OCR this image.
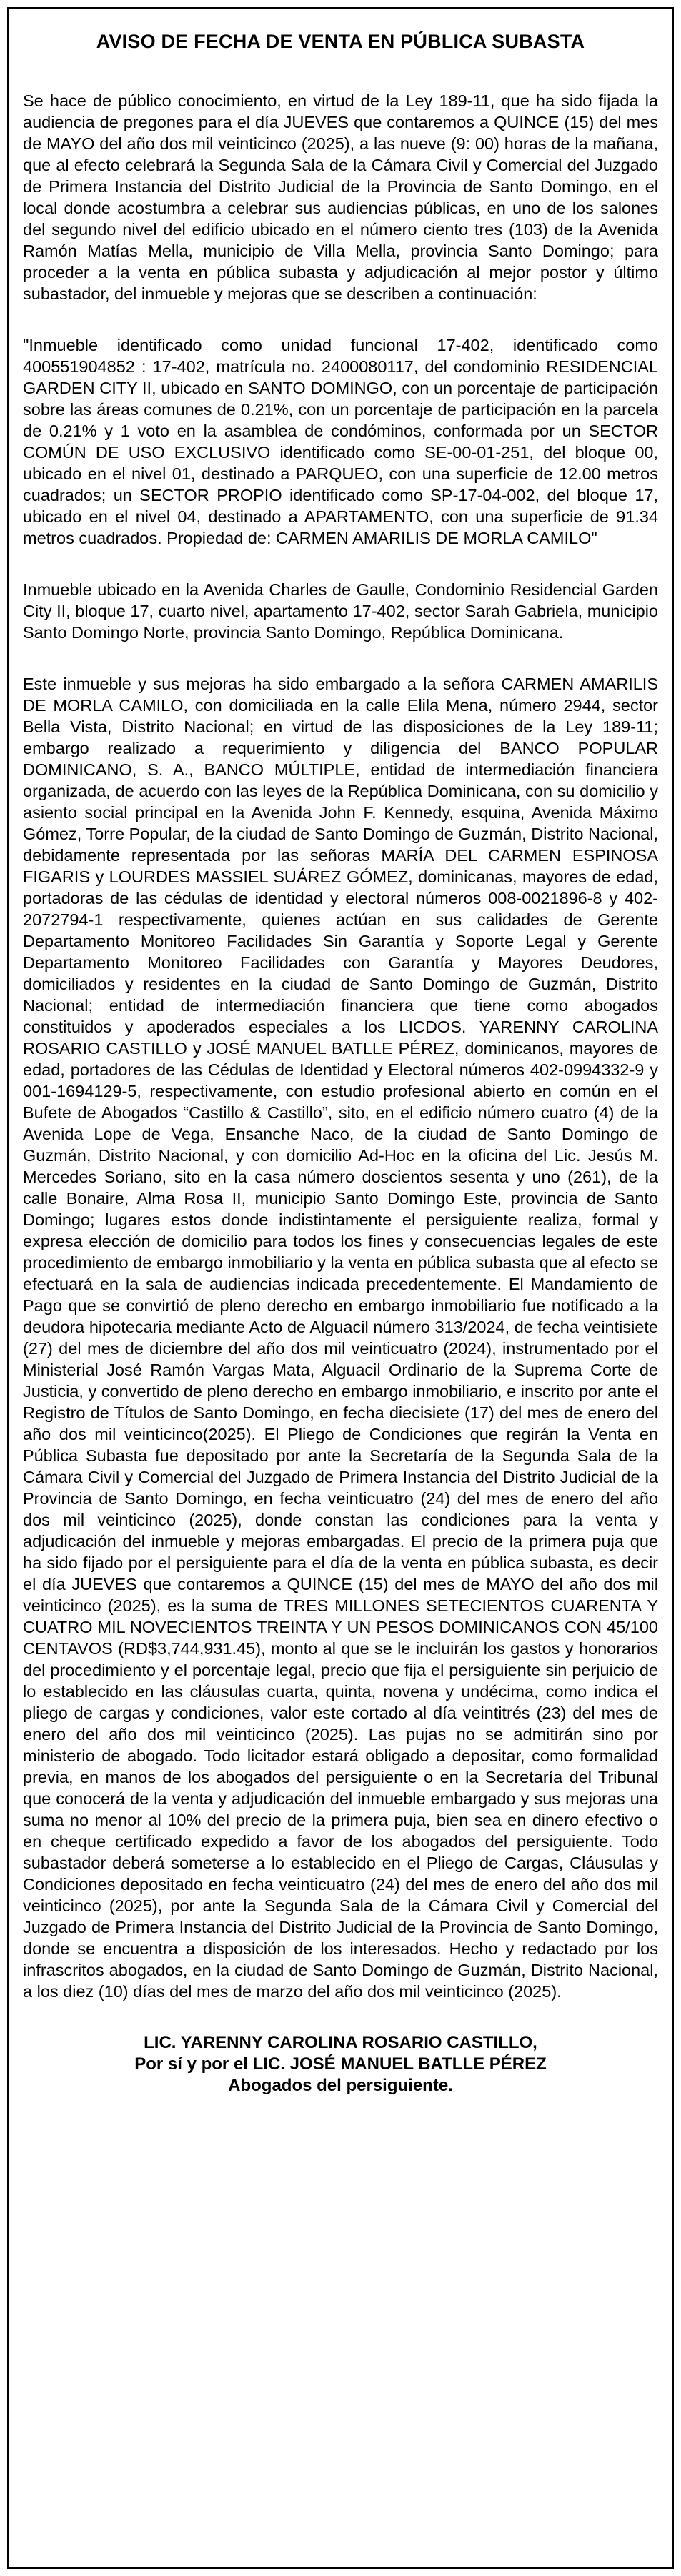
AVISO DE FECHA DE VENTA EN PÚBLICA SUBASTA

Se hace de público conocimiento, en virtud de la Ley 189-11, que ha sido fijada la audiencia de pregones para el día JUEVES que contaremos a QUINCE (15) del mes de MAYO del año dos mil veinticinco (2025), a las nueve (9: 00) horas de la mañana, que al efecto celebrará la Segunda Sala de la Cámara Civil y Comercial del Juzgado de Primera Instancia del Distrito Judicial de la Provincia de Santo Domingo, en el local donde acostumbra a celebrar sus audiencias públicas, en uno de los salones del segundo nivel del edificio ubicado en el número ciento tres (103) de la Avenida Ramón Matías Mella, municipio de Villa Mella, provincia Santo Domingo; para proceder a la venta en pública subasta y adjudicación al mejor postor y último subastador, del inmueble y mejoras que se describen a continuación:

"Inmueble identificado como unidad funcional 17-402, identificado como 400551904852 : 17-402, matrícula no. 2400080117, del condominio RESIDENCIAL GARDEN CITY II, ubicado en SANTO DOMINGO, con un porcentaje de participación sobre las áreas comunes de 0.21%, con un porcentaje de participación en la parcela de 0.21% y 1 voto en la asamblea de condóminos, conformada por un SECTOR COMÚN DE USO EXCLUSIVO identificado como SE-00-01-251, del bloque 00, ubicado en el nivel 01, destinado a PARQUEO, con una superficie de 12.00 metros cuadrados; un SECTOR PROPIO identificado como SP-17-04-002, del bloque 17, ubicado en el nivel 04, destinado a APARTAMENTO, con una superficie de 91.34 metros cuadrados. Propiedad de: CARMEN AMARILIS DE MORLA CAMILO"

Inmueble ubicado en la Avenida Charles de Gaulle, Condominio Residencial Garden City II, bloque 17, cuarto nivel, apartamento 17-402, sector Sarah Gabriela, municipio Santo Domingo Norte, provincia Santo Domingo, República Dominicana.

Este inmueble y sus mejoras ha sido embargado a la señora CARMEN AMARILIS DE MORLA CAMILO, con domiciliada en la calle Elila Mena, número 2944, sector Bella Vista, Distrito Nacional; en virtud de las disposiciones de la Ley 189-11; embargo realizado a requerimiento y diligencia del BANCO POPULAR DOMINICANO, S. A., BANCO MÚLTIPLE, entidad de intermediación financiera organizada, de acuerdo con las leyes de la República Dominicana, con su domicilio y asiento social principal en la Avenida John F. Kennedy, esquina, Avenida Máximo Gómez, Torre Popular, de la ciudad de Santo Domingo de Guzmán, Distrito Nacional, debidamente representada por las señoras MARÍA DEL CARMEN ESPINOSA FIGARIS y LOURDES MASSIEL SUÁREZ GÓMEZ, dominicanas, mayores de edad, portadoras de las cédulas de identidad y electoral números 008-0021896-8 y 402-2072794-1 respectivamente, quienes actúan en sus calidades de Gerente Departamento Monitoreo Facilidades Sin Garantía y Soporte Legal y Gerente Departamento Monitoreo Facilidades con Garantía y Mayores Deudores, domiciliados y residentes en la ciudad de Santo Domingo de Guzmán, Distrito Nacional; entidad de intermediación financiera que tiene como abogados constituidos y apoderados especiales a los LICDOS. YARENNY CAROLINA ROSARIO CASTILLO y JOSÉ MANUEL BATLLE PÉREZ, dominicanos, mayores de edad, portadores de las Cédulas de Identidad y Electoral números 402-0994332-9 y 001-1694129-5, respectivamente, con estudio profesional abierto en común en el Bufete de Abogados “Castillo & Castillo”, sito, en el edificio número cuatro (4) de la Avenida Lope de Vega, Ensanche Naco, de la ciudad de Santo Domingo de Guzmán, Distrito Nacional, y con domicilio Ad-Hoc en la oficina del Lic. Jesús M. Mercedes Soriano, sito en la casa número doscientos sesenta y uno (261), de la calle Bonaire, Alma Rosa II, municipio Santo Domingo Este, provincia de Santo Domingo; lugares estos donde indistintamente el persiguiente realiza, formal y expresa elección de domicilio para todos los fines y consecuencias legales de este procedimiento de embargo inmobiliario y la venta en pública subasta que al efecto se efectuará en la sala de audiencias indicada precedentemente. El Mandamiento de Pago que se convirtió de pleno derecho en embargo inmobiliario fue notificado a la deudora hipotecaria mediante Acto de Alguacil número 313/2024, de fecha veintisiete (27) del mes de diciembre del año dos mil veinticuatro (2024), instrumentado por el Ministerial José Ramón Vargas Mata, Alguacil Ordinario de la Suprema Corte de Justicia, y convertido de pleno derecho en embargo inmobiliario, e inscrito por ante el Registro de Títulos de Santo Domingo, en fecha diecisiete (17) del mes de enero del año dos mil veinticinco(2025). El Pliego de Condiciones que regirán la Venta en Pública Subasta fue depositado por ante la Secretaría de la Segunda Sala de la Cámara Civil y Comercial del Juzgado de Primera Instancia del Distrito Judicial de la Provincia de Santo Domingo, en fecha veinticuatro (24) del mes de enero del año dos mil veinticinco (2025), donde constan las condiciones para la venta y adjudicación del inmueble y mejoras embargadas. El precio de la primera puja que ha sido fijado por el persiguiente para el día de la venta en pública subasta, es decir el día JUEVES que contaremos a QUINCE (15) del mes de MAYO del año dos mil veinticinco (2025), es la suma de TRES MILLONES SETECIENTOS CUARENTA Y CUATRO MIL NOVECIENTOS TREINTA Y UN PESOS DOMINICANOS CON 45/100 CENTAVOS (RD$3,744,931.45), monto al que se le incluirán los gastos y honorarios del procedimiento y el porcentaje legal, precio que fija el persiguiente sin perjuicio de lo establecido en las cláusulas cuarta, quinta, novena y undécima, como indica el pliego de cargas y condiciones, valor este cortado al día veintitrés (23) del mes de enero del año dos mil veinticinco (2025). Las pujas no se admitirán sino por ministerio de abogado. Todo licitador estará obligado a depositar, como formalidad previa, en manos de los abogados del persiguiente o en la Secretaría del Tribunal que conocerá de la venta y adjudicación del inmueble embargado y sus mejoras una suma no menor al 10% del precio de la primera puja, bien sea en dinero efectivo o en cheque certificado expedido a favor de los abogados del persiguiente. Todo subastador deberá someterse a lo establecido en el Pliego de Cargas, Cláusulas y Condiciones depositado en fecha veinticuatro (24) del mes de enero del año dos mil veinticinco (2025), por ante la Segunda Sala de la Cámara Civil y Comercial del Juzgado de Primera Instancia del Distrito Judicial de la Provincia de Santo Domingo, donde se encuentra a disposición de los interesados. Hecho y redactado por los infrascritos abogados, en la ciudad de Santo Domingo de Guzmán, Distrito Nacional, a los diez (10) días del mes de marzo del año dos mil veinticinco (2025).

LIC. YARENNY CAROLINA ROSARIO CASTILLO,
Por sí y por el LIC. JOSÉ MANUEL BATLLE PÉREZ
Abogados del persiguiente.
